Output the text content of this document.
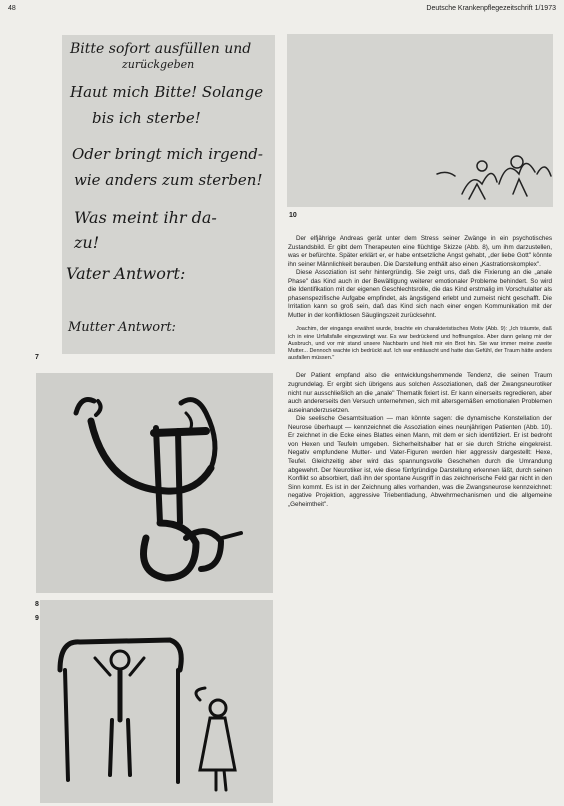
48	Deutsche Krankenpflegezeitschrift 1/1973
Bitte sofort ausfüllen und
zurückgeben
Haut mich Bitte! Solange
bis ich sterbe!
Oder bringt mich irgend-
wie anders zum sterben!
Was meint ihr da-
zu!
Vater Antwort:
Mutter Antwort:
7
8
9
10

Der elfjährige Andreas gerät unter dem Stress seiner Zwänge in ein psychotisches Zustandsbild. Er gibt dem Therapeuten eine flüchtige Skizze (Abb. 8), um ihm darzustellen, was er befürchte. Später erklärt er, er habe entsetzliche Angst gehabt, „der liebe Gott" könnte ihn seiner Männlichkeit berauben. Die Darstellung enthält also einen „Kastrationskomplex".

Diese Assoziation ist sehr hintergründig. Sie zeigt uns, daß die Fixierung an die „anale Phase" das Kind auch in der Bewältigung weiterer emotionaler Probleme behindert. So wird die Identifikation mit der eigenen Geschlechtsrolle, die das Kind erstmalig im Vorschulalter als phasenspezifische Aufgabe empfindet, als ängstigend erlebt und zumeist nicht geschafft. Die Irritation kann so groß sein, daß das Kind sich nach einer engen Kommunikation mit der Mutter in der konfliktlosen Säuglingszeit zurücksehnt.

Joachim, der eingangs erwähnt wurde, brachte ein charakteristisches Motiv (Abb. 9): „Ich träumte, daß ich in eine Urfallsfalle eingezwängt war. Es war bedrückend und hoffnungslos. Aber dann gelang mir der Ausbruch, und vor mir stand unsere Nachbarin und hielt mir ein Brot hin. Sie war immer meine zweite Mutter... Dennoch wachte ich bedrückt auf. Ich war enttäuscht und hatte das Gefühl, der Traum hätte anders ausfallen müssen."

Der Patient empfand also die entwicklungshemmende Tendenz, die seinen Traum zugrundelag. Er ergibt sich übrigens aus solchen Assoziationen, daß der Zwangsneurotiker nicht nur ausschließlich an die „anale" Thematik fixiert ist. Er kann einerseits regredieren, aber auch andererseits den Versuch unternehmen, sich mit altersgemäßen emotionalen Problemen auseinanderzusetzen.

Die seelische Gesamtsituation — man könnte sagen: die dynamische Konstellation der Neurose überhaupt — kennzeichnet die Assoziation eines neunjährigen Patienten (Abb. 10). Er zeichnet in die Ecke eines Blattes einen Mann, mit dem er sich identifiziert. Er ist bedroht von Hexen und Teufeln umgeben. Sicherheitshalber hat er sie durch Striche eingekreist. Negativ empfundene Mutter- und Vater-Figuren werden hier aggressiv dargestellt: Hexe, Teufel. Gleichzeitig aber wird das spannungsvolle Geschehen durch die Umrandung abgewehrt. Der Neurotiker ist, wie diese fünfgründige Darstellung erkennen läßt, durch seinen Konflikt so absorbiert, daß ihn der spontane Ausgriff in das zeichnerische Feld gar nicht in den Sinn kommt. Es ist in der Zeichnung alles vorhanden, was die Zwangsneurose kennzeichnet: negative Projektion, aggressive Triebentladung, Abwehrmechanismen und die allgemeine „Geheimtheit".
